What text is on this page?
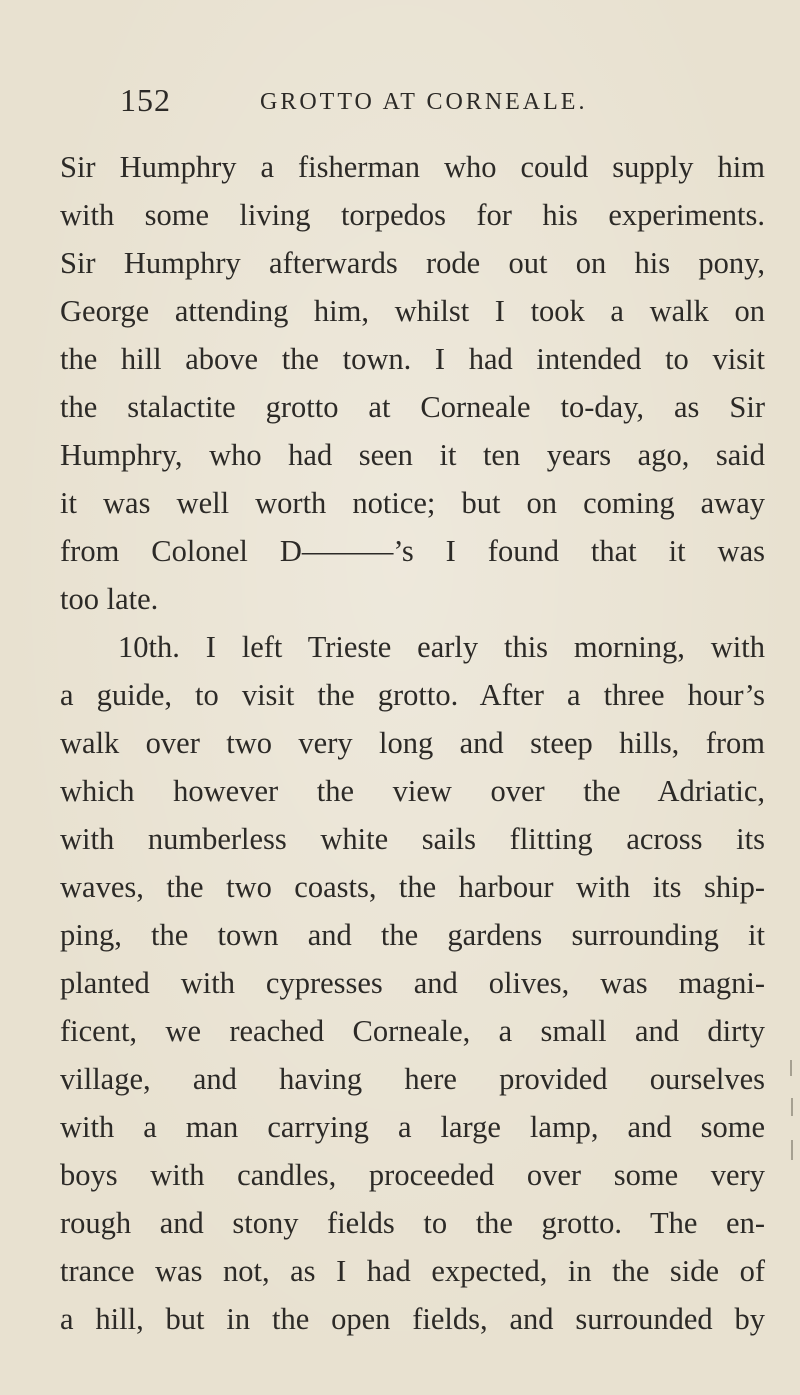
152	GROTTO AT CORNEALE.
Sir Humphry a fisherman who could supply him
with some living torpedos for his experiments.
Sir Humphry afterwards rode out on his pony,
George attending him, whilst I took a walk on
the hill above the town. I had intended to visit
the stalactite grotto at Corneale to-day, as Sir
Humphry, who had seen it ten years ago, said
it was well worth notice; but on coming away
from Colonel D———’s I found that it was
too late.
10th. I left Trieste early this morning, with
a guide, to visit the grotto. After a three hour’s
walk over two very long and steep hills, from
which however the view over the Adriatic,
with numberless white sails flitting across its
waves, the two coasts, the harbour with its ship-
ping, the town and the gardens surrounding it
planted with cypresses and olives, was magni-
ficent, we reached Corneale, a small and dirty
village, and having here provided ourselves
with a man carrying a large lamp, and some
boys with candles, proceeded over some very
rough and stony fields to the grotto. The en-
trance was not, as I had expected, in the side of
a hill, but in the open fields, and surrounded by
